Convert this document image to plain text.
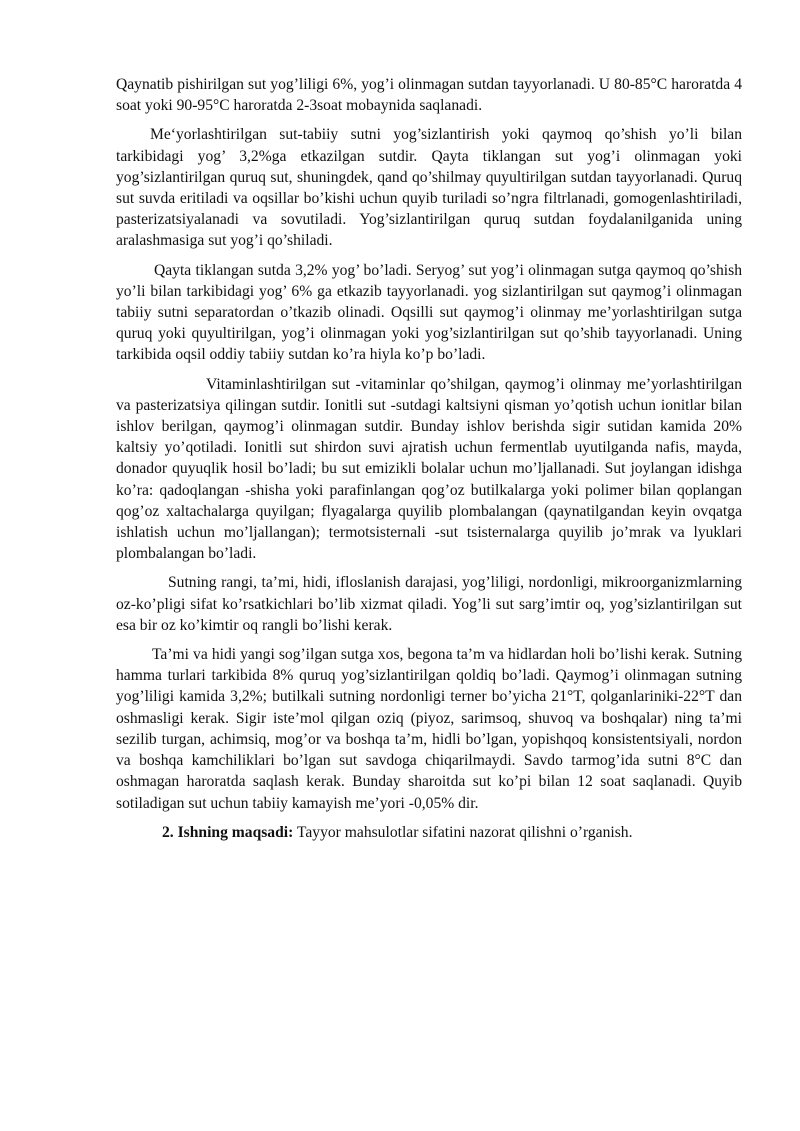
Qaynatib pishirilgan sut yog’liligi 6%, yog’i olinmagan sutdan tayyorlanadi. U 80-85°C haroratda 4 soat yoki 90-95°C haroratda 2-3soat mobaynida saqlanadi.

Me‘yorlashtirilgan sut-tabiiy sutni yog’sizlantirish yoki qaymoq qo’shish yo’li bilan tarkibidagi yog’ 3,2%ga etkazilgan sutdir. Qayta tiklangan sut yog’i olinmagan yoki yog’sizlantirilgan quruq sut, shuningdek, qand qo’shilmay quyultirilgan sutdan tayyorlanadi. Quruq sut suvda eritiladi va oqsillar bo’kishi uchun quyib turiladi so’ngra filtrlanadi, gomogenlashtiriladi, pasterizatsiyalanadi va sovutiladi. Yog’sizlantirilgan quruq sutdan foydalanilganida uning aralashmasiga sut yog’i qo’shiladi.

Qayta tiklangan sutda 3,2% yog’ bo’ladi. Seryog’ sut yog’i olinmagan sutga qaymoq qo’shish yo’li bilan tarkibidagi yog’ 6% ga etkazib tayyorlanadi. yog sizlantirilgan sut qaymog’i olinmagan tabiiy sutni separatordan o’tkazib olinadi. Oqsilli sut qaymog’i olinmay me’yorlashtirilgan sutga quruq yoki quyultirilgan, yog’i olinmagan yoki yog’sizlantirilgan sut qo’shib tayyorlanadi. Uning tarkibida oqsil oddiy tabiiy sutdan ko’ra hiyla ko’p bo’ladi.

Vitaminlashtirilgan sut -vitaminlar qo’shilgan, qaymog’i olinmay me’yorlashtirilgan va pasterizatsiya qilingan sutdir. Ionitli sut -sutdagi kaltsiyni qisman yo’qotish uchun ionitlar bilan ishlov berilgan, qaymog’i olinmagan sutdir. Bunday ishlov berishda sigir sutidan kamida 20% kaltsiy yo’qotiladi. Ionitli sut shirdon suvi ajratish uchun fermentlab uyutilganda nafis, mayda, donador quyuqlik hosil bo’ladi; bu sut emizikli bolalar uchun mo’ljallanadi. Sut joylangan idishga ko’ra: qadoqlangan -shisha yoki parafinlangan qog’oz butilkalarga yoki polimer bilan qoplangan qog’oz xaltachalarga quyilgan; flyagalarga quyilib plombalangan (qaynatilgandan keyin ovqatga ishlatish uchun mo’ljallangan); termotsisternali -sut tsisternalarga quyilib jo’mrak va lyuklari plombalangan bo’ladi.

Sutning rangi, ta’mi, hidi, ifloslanish darajasi, yog’liligi, nordonligi, mikroorganizmlarning oz-ko’pligi sifat ko’rsatkichlari bo’lib xizmat qiladi. Yog’li sut sarg’imtir oq, yog’sizlantirilgan sut esa bir oz ko’kimtir oq rangli bo’lishi kerak.

Ta’mi va hidi yangi sog’ilgan sutga xos, begona ta’m va hidlardan holi bo’lishi kerak. Sutning hamma turlari tarkibida 8% quruq yog’sizlantirilgan qoldiq bo’ladi. Qaymog’i olinmagan sutning yog’liligi kamida 3,2%; butilkali sutning nordonligi terner bo’yicha 21°T, qolganlariniki-22°T dan oshmasligi kerak. Sigir iste’mol qilgan oziq (piyoz, sarimsoq, shuvoq va boshqalar) ning ta’mi sezilib turgan, achimsiq, mog’or va boshqa ta’m, hidli bo’lgan, yopishqoq konsistentsiyali, nordon va boshqa kamchiliklari bo’lgan sut savdoga chiqarilmaydi. Savdo tarmog’ida sutni 8°C dan oshmagan haroratda saqlash kerak. Bunday sharoitda sut ko’pi bilan 12 soat saqlanadi. Quyib sotiladigan sut uchun tabiiy kamayish me’yori -0,05% dir.

2. Ishning maqsadi: Tayyor mahsulotlar sifatini nazorat qilishni o’rganish.
